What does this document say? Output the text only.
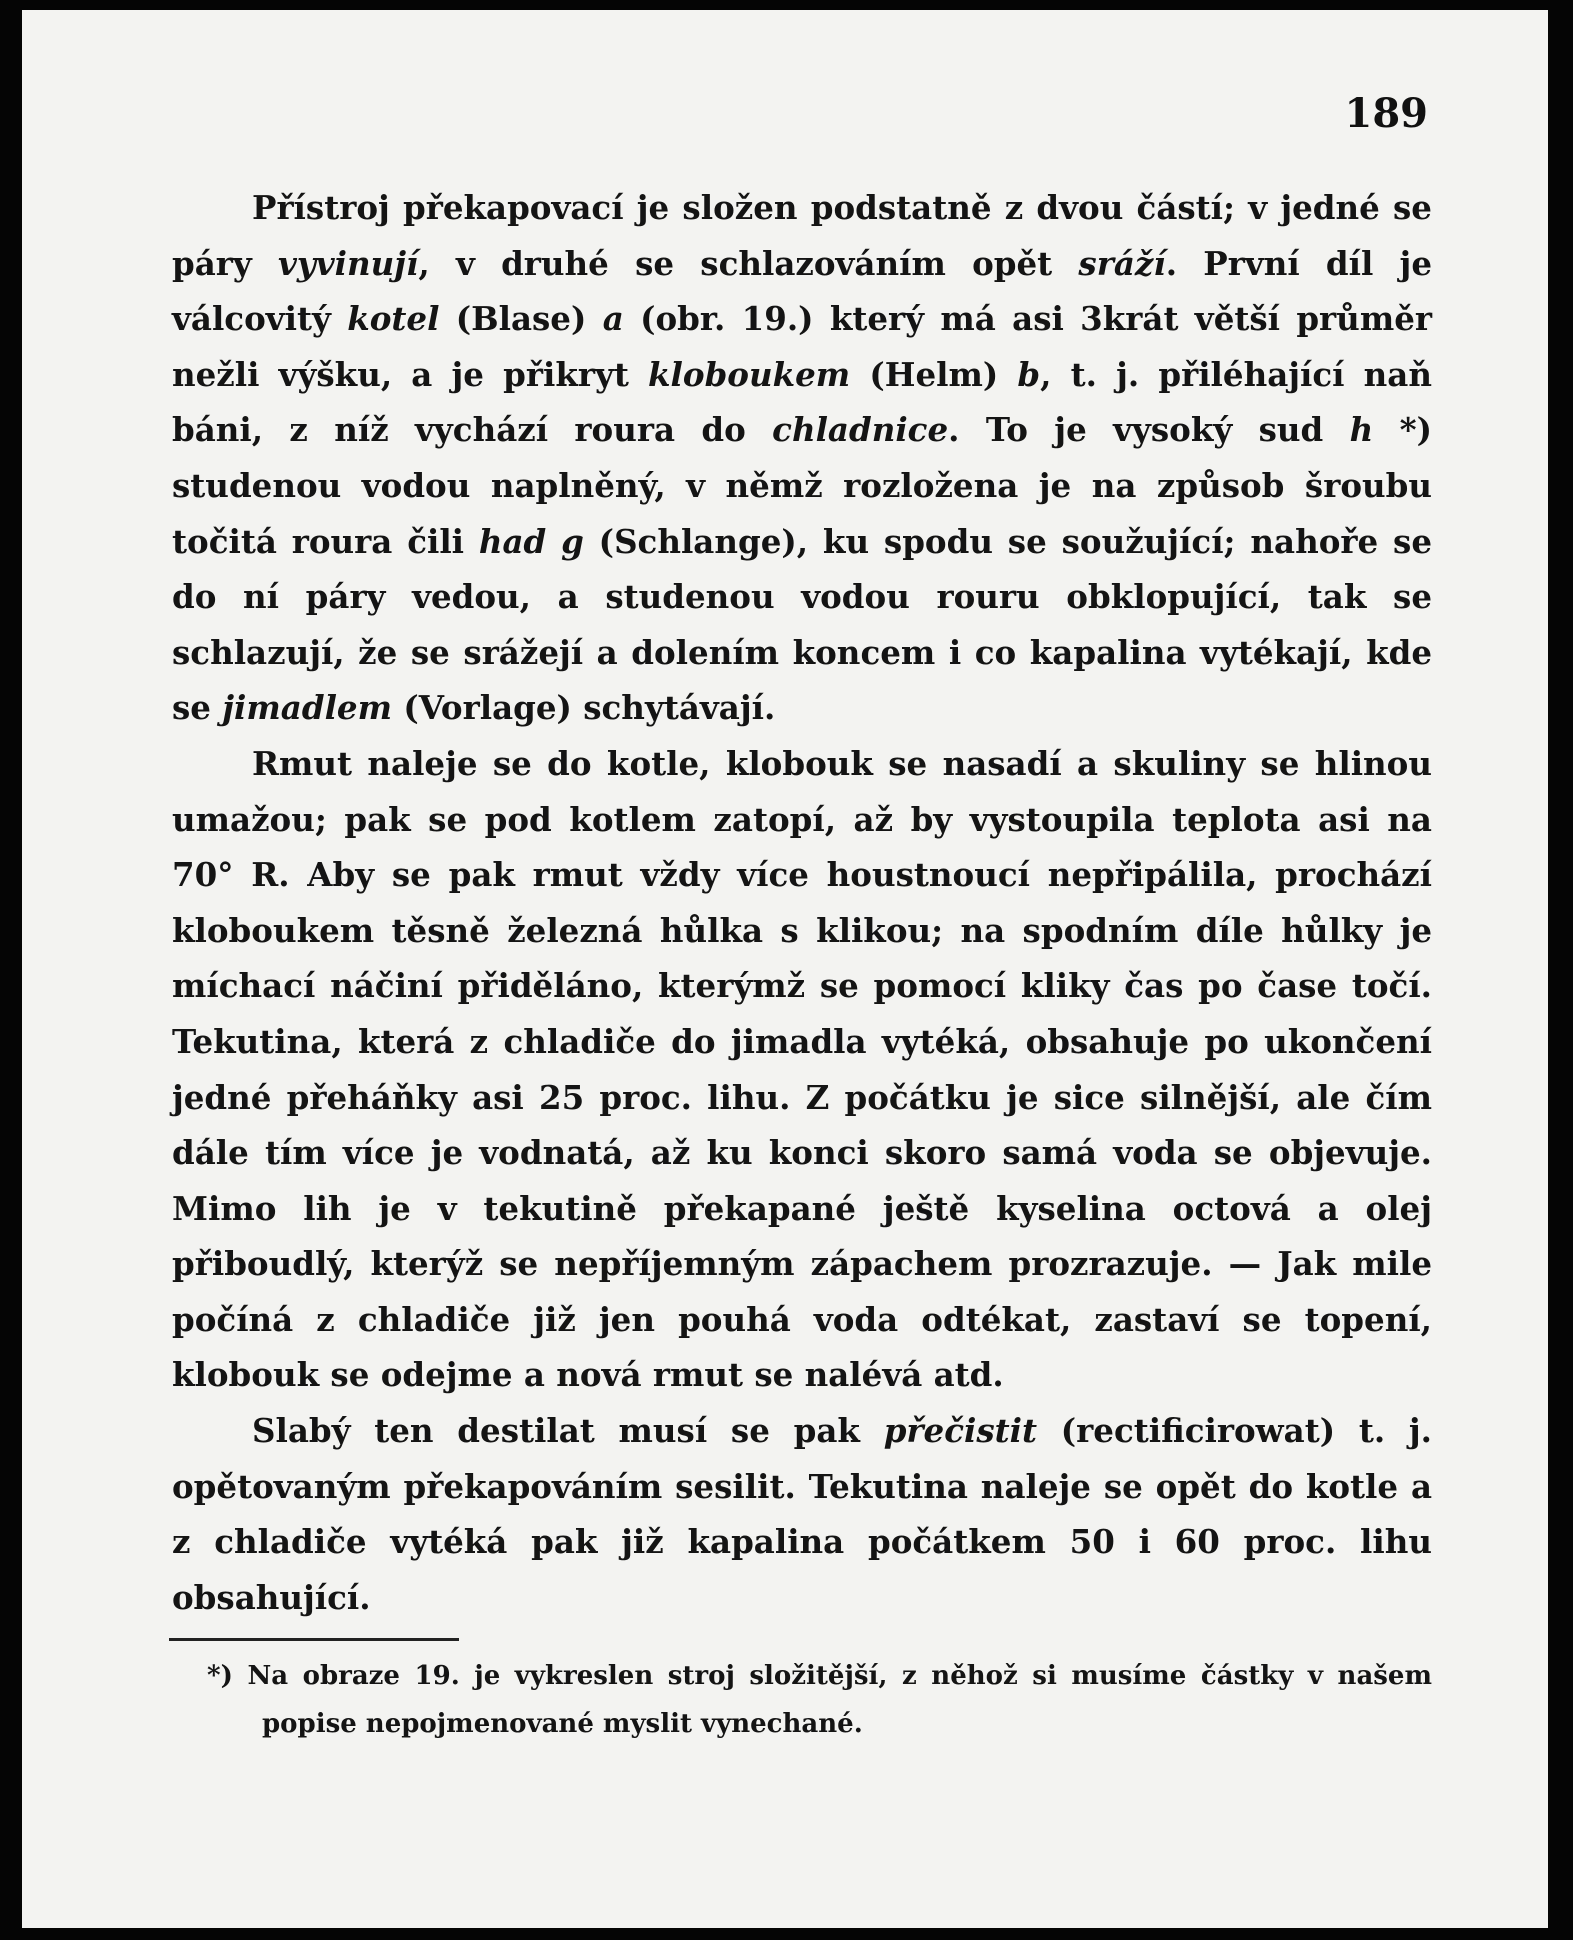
189

Přístroj překapovací je složen podstatně z dvou částí; v jedné se páry vyvinují, v druhé se schlazováním opět sráží. První díl je válcovitý kotel (Blase) a (obr. 19.) který má asi 3krát větší průměr nežli výšku, a je přikryt kloboukem (Helm) b, t. j. přiléhající naň báni, z níž vychází roura do chladnice. To je vysoký sud h *) studenou vodou naplněný, v němž rozložena je na způsob šroubu točitá roura čili had g (Schlange), ku spodu se soužující; nahoře se do ní páry vedou, a studenou vodou rouru obklopující, tak se schlazují, že se srážejí a dolením koncem i co kapalina vytékají, kde se jimadlem (Vorlage) schytávají.

Rmut naleje se do kotle, klobouk se nasadí a skuliny se hlinou umažou; pak se pod kotlem zatopí, až by vystoupila teplota asi na 70° R. Aby se pak rmut vždy více houstnoucí nepřipálila, prochází kloboukem těsně železná hůlka s klikou; na spodním díle hůlky je míchací náčiní přiděláno, kterýmž se pomocí kliky čas po čase točí. Tekutina, která z chladiče do jimadla vytéká, obsahuje po ukončení jedné přeháňky asi 25 proc. lihu. Z počátku je sice silnější, ale čím dále tím více je vodnatá, až ku konci skoro samá voda se objevuje. Mimo lih je v tekutině překapané ještě kyselina octová a olej přiboudlý, kterýž se nepříjemným zápachem prozrazuje. — Jak mile počíná z chladiče již jen pouhá voda odtékat, zastaví se topení, klobouk se odejme a nová rmut se nalévá atd.

Slabý ten destilat musí se pak přečistit (rectificirowat) t. j. opětovaným překapováním sesilit. Tekutina naleje se opět do kotle a z chladiče vytéká pak již kapalina počátkem 50 i 60 proc. lihu obsahující.

*) Na obraze 19. je vykreslen stroj složitější, z něhož si musíme částky v našem popise nepojmenované myslit vynechané.
